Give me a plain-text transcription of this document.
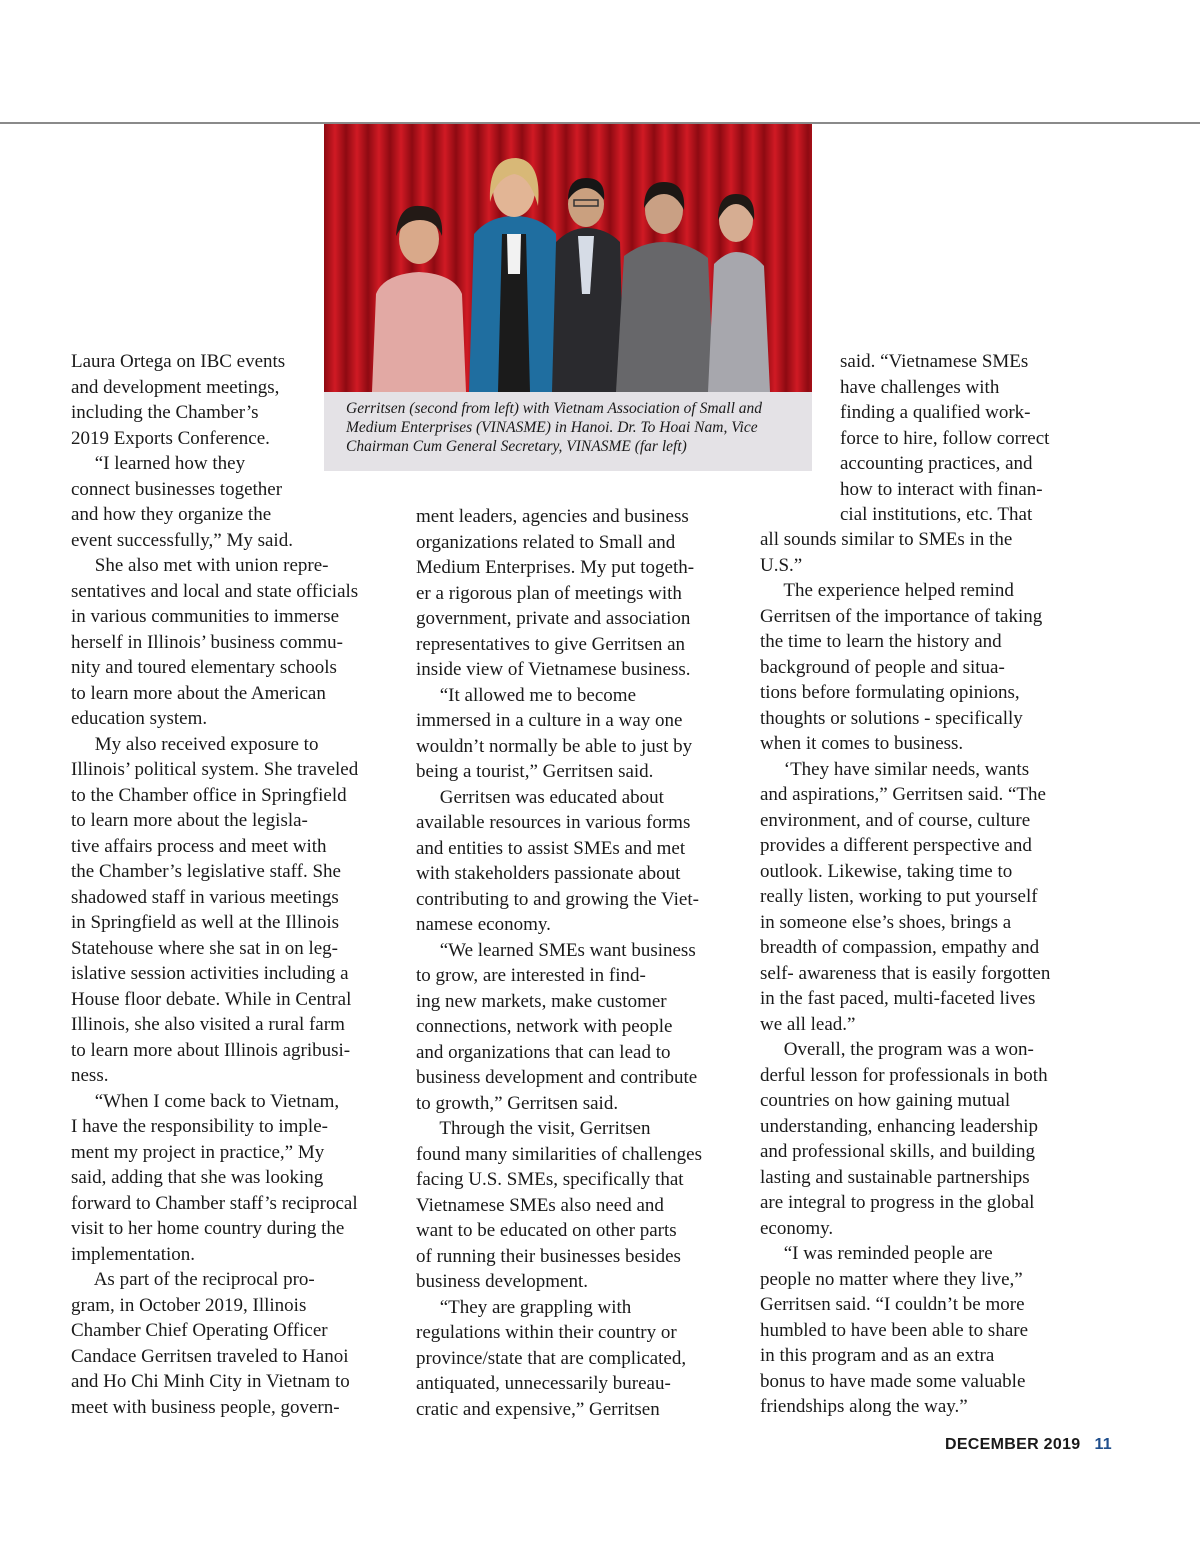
Gerritsen (second from left) with Vietnam Association of Small and Medium Enterprises (VINASME) in Hanoi. Dr. To Hoai Nam, Vice Chairman Cum General Secretary, VINASME (far left)
Laura Ortega on IBC events
and development meetings,
including the Chamber’s
2019 Exports Conference.
“I learned how they
connect businesses together
and how they organize the
event successfully,” My said.
She also met with union repre-
sentatives and local and state officials
in various communities to immerse
herself in Illinois’ business commu-
nity and toured elementary schools
to learn more about the American
education system.
My also received exposure to
Illinois’ political system. She traveled
to the Chamber office in Springfield
to learn more about the legisla-
tive affairs process and meet with
the Chamber’s legislative staff. She
shadowed staff in various meetings
in Springfield as well at the Illinois
Statehouse where she sat in on leg-
islative session activities including a
House floor debate. While in Central
Illinois, she also visited a rural farm
to learn more about Illinois agribusi-
ness.
“When I come back to Vietnam,
I have the responsibility to imple-
ment my project in practice,” My
said, adding that she was looking
forward to Chamber staff’s reciprocal
visit to her home country during the
implementation.
As part of the reciprocal pro-
gram, in October 2019, Illinois
Chamber Chief Operating Officer
Candace Gerritsen traveled to Hanoi
and Ho Chi Minh City in Vietnam to
meet with business people, govern-
ment leaders, agencies and business
organizations related to Small and
Medium Enterprises. My put togeth-
er a rigorous plan of meetings with
government, private and association
representatives to give Gerritsen an
inside view of Vietnamese business.
“It allowed me to become
immersed in a culture in a way one
wouldn’t normally be able to just by
being a tourist,” Gerritsen said.
Gerritsen was educated about
available resources in various forms
and entities to assist SMEs and met
with stakeholders passionate about
contributing to and growing the Viet-
namese economy.
“We learned SMEs want business
to grow, are interested in find-
ing new markets, make customer
connections, network with people
and organizations that can lead to
business development and contribute
to growth,” Gerritsen said.
Through the visit, Gerritsen
found many similarities of challenges
facing U.S. SMEs, specifically that
Vietnamese SMEs also need and
want to be educated on other parts
of running their businesses besides
business development.
“They are grappling with
regulations within their country or
province/state that are complicated,
antiquated, unnecessarily bureau-
cratic and expensive,” Gerritsen
said. “Vietnamese SMEs
have challenges with
finding a qualified work-
force to hire, follow correct
accounting practices, and
how to interact with finan-
cial institutions, etc. That
all sounds similar to SMEs in the
U.S.”
The experience helped remind
Gerritsen of the importance of taking
the time to learn the history and
background of people and situa-
tions before formulating opinions,
thoughts or solutions - specifically
when it comes to business.
‘They have similar needs, wants
and aspirations,” Gerritsen said. “The
environment, and of course, culture
provides a different perspective and
outlook. Likewise, taking time to
really listen, working to put yourself
in someone else’s shoes, brings a
breadth of compassion, empathy and
self- awareness that is easily forgotten
in the fast paced, multi-faceted lives
we all lead.”
Overall, the program was a won-
derful lesson for professionals in both
countries on how gaining mutual
understanding, enhancing leadership
and professional skills, and building
lasting and sustainable partnerships
are integral to progress in the global
economy.
“I was reminded people are
people no matter where they live,”
Gerritsen said. “I couldn’t be more
humbled to have been able to share
in this program and as an extra
bonus to have made some valuable
friendships along the way.”
DECEMBER 2019 11
